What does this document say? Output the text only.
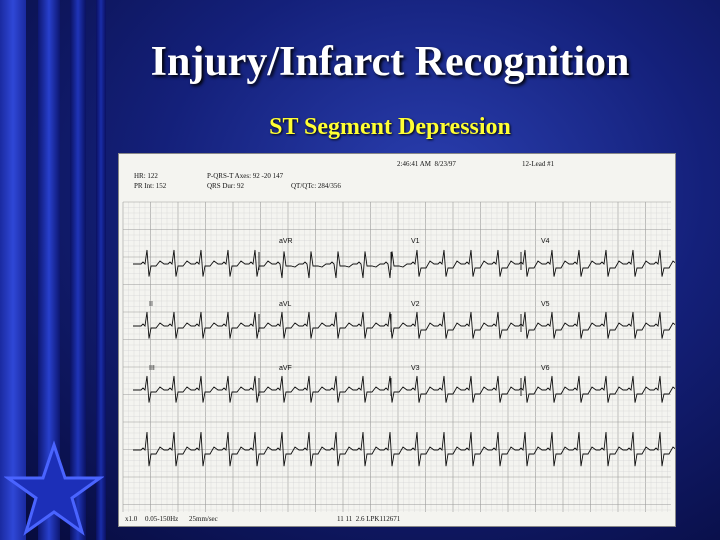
Injury/Infarct Recognition
ST Segment Depression
HR: 122
PR Int: 152
P-QRS-T Axes: 92 -20 147
QRS Dur: 92	QT/QTc: 284/356
2:46:41 AM  8/23/97	12-Lead #1
aVR	V1	V4
II	aVL	V2	V5
III	aVF	V3	V6
x1.0 0.05-150Hz 25mm/sec	11 11  2.6 LPK112671
